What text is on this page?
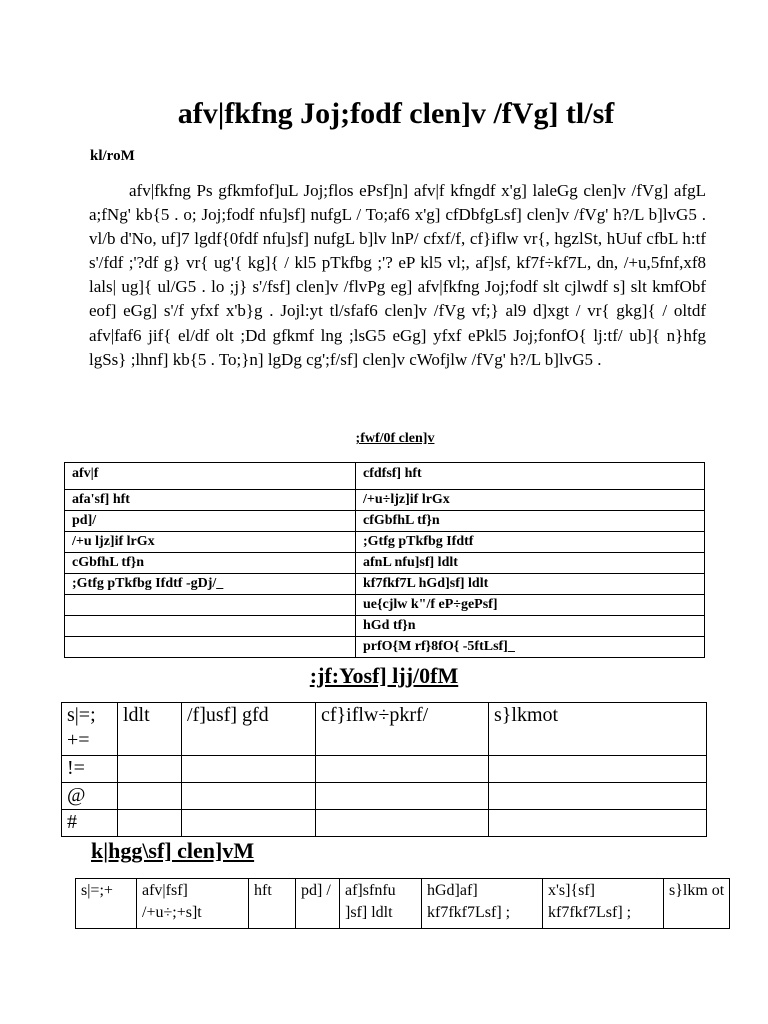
afv|fkfng Joj;fodf clen]v /fVg] tl/sf
kl/roM

afv|fkfng Ps gfkmfof]uL Joj;flos ePsf]n] afv|f kfngdf x'g] laleGg clen]v /fVg] afgL a;fNg' kb{5 . o; Joj;fodf nfu]sf] nufgL / To;af6 x'g] cfDbfgLsf] clen]v /fVg' h?/L b]lvG5 . vl/b d'No, uf]7 lgdf{0fdf nfu]sf] nufgL b]lv lnP/ cfxf/f, cf}iflw vr{, hgzlSt, hUuf cfbL h:tf s'/fdf ;'?df g} vr{ ug'{ kg]{ / kl5 pTkfbg ;'? eP kl5 vl;, af]sf, kf7f÷kf7L, dn, /+u,5fnf,xf8 lals| ug]{ ul/G5 . lo ;j} s'/fsf] clen]v /flvPg eg] afv|fkfng Joj;fodf slt cjlwdf s] slt kmfObf eof] eGg] s'/f yfxf x'b}g . Jojl:yt tl/sfaf6 clen]v /fVg vf;} al9 d]xgt / vr{ gkg]{ / oltdf afv|faf6 jif{ el/df olt ;Dd gfkmf lng ;lsG5 eGg] yfxf ePkl5 Joj;fonfO{ lj:tf/ ub]{ n}hfg lgSs} ;lhnf] kb{5 . To;}n] lgDg cg';f/sf] clen]v cWofjlw /fVg' h?/L b]lvG5 .

;fwf/0f clen]v
afv|f	cfdfsf] hft
afa'sf] hft	/+u÷ljz]if lrGx
pd]/	cfGbfhL tf}n
/+u ljz]if lrGx	;Gtfg pTkfbg Ifdtf
cGbfhL tf}n	afnL nfu]sf] ldlt
;Gtfg pTkfbg Ifdtf -gDj/_	kf7fkf7L hGd]sf] ldlt
	ue{cjlw k"/f eP÷gePsf]
	hGd tf}n
	prfO{M rf}8fO{ -5ftLsf]_
:jf:Yosf] ljj/0fM
s|=; +=	ldlt	/f]usf] gfd	cf}iflw÷pkrf/	s}lkmot
!=				
@				
#				
k|hgg\sf] clen]vM
s|=;+	afv|fsf] /+u÷;+s]t	hft	pd] /	af]sfnfu ]sf] ldlt	hGd]af] kf7fkf7Lsf] ;	x's]{sf] kf7fkf7Lsf] ;	s}lkm ot
